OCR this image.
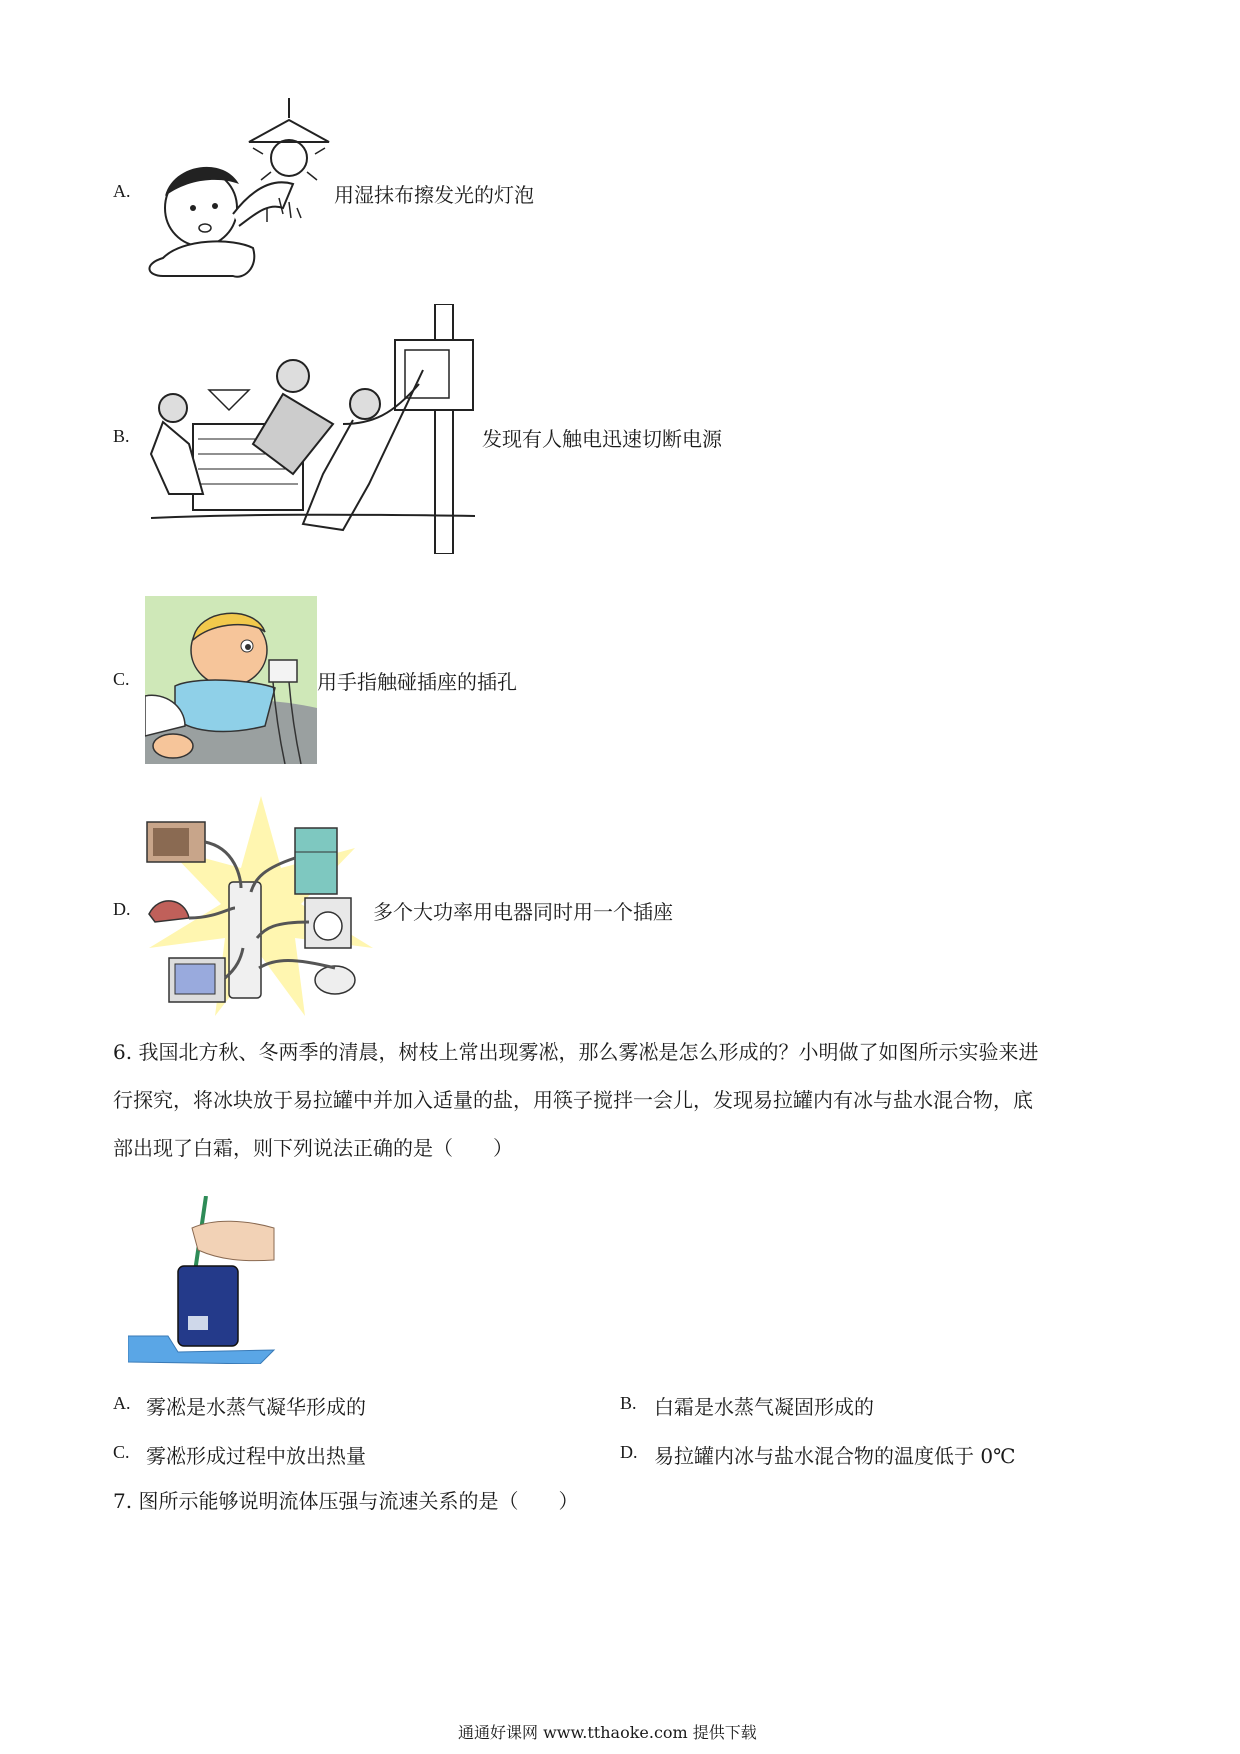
A.	用湿抹布擦发光的灯泡
B.	发现有人触电迅速切断电源
C.	用手指触碰插座的插孔
D.	多个大功率用电器同时用一个插座
6. 我国北方秋、冬两季的清晨，树枝上常出现雾凇，那么雾凇是怎么形成的？小明做了如图所示实验来进
行探究，将冰块放于易拉罐中并加入适量的盐，用筷子搅拌一会儿，发现易拉罐内有冰与盐水混合物，底
部出现了白霜，则下列说法正确的是（　　）
A. 雾凇是水蒸气凝华形成的	B. 白霜是水蒸气凝固形成的
C. 雾凇形成过程中放出热量	D. 易拉罐内冰与盐水混合物的温度低于 0℃
7. 图所示能够说明流体压强与流速关系的是（　　）
通通好课网 www.tthaoke.com 提供下载
